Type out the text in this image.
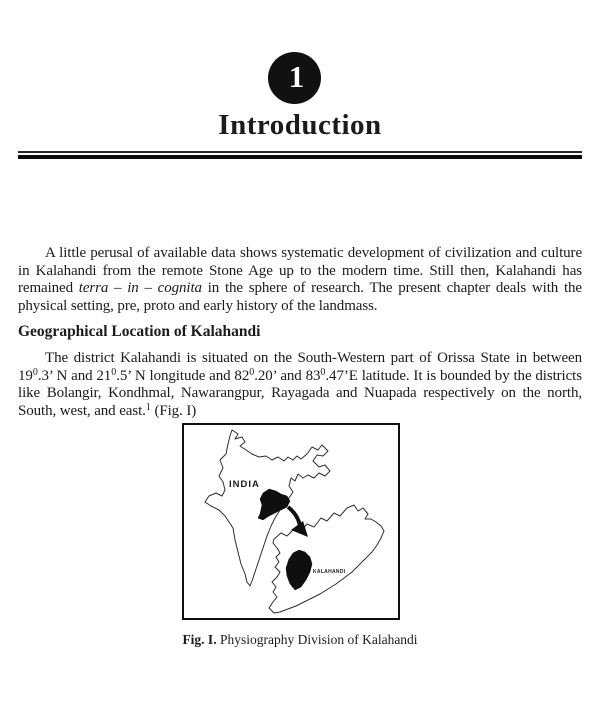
1
Introduction

A little perusal of available data shows systematic development of civilization and culture in Kalahandi from the remote Stone Age up to the modern time. Still then, Kalahandi has remained terra – in – cognita in the sphere of research. The present chapter deals with the physical setting, pre, proto and early history of the landmass.

Geographical Location of Kalahandi

The district Kalahandi is situated on the South-Western part of Orissa State in between $19^0.3$’ N and $21^0.5$’ N longitude and $82^0.20$’ and $83^0.47’E$ latitude. It is bounded by the districts like Bolangir, Kondhmal, Nawarangpur, Rayagada and Nuapada respectively on the north, South, west, and east.$^1$ (Fig. I)

INDIA
KALAHANDI
Fig. I. Physiography Division of Kalahandi
